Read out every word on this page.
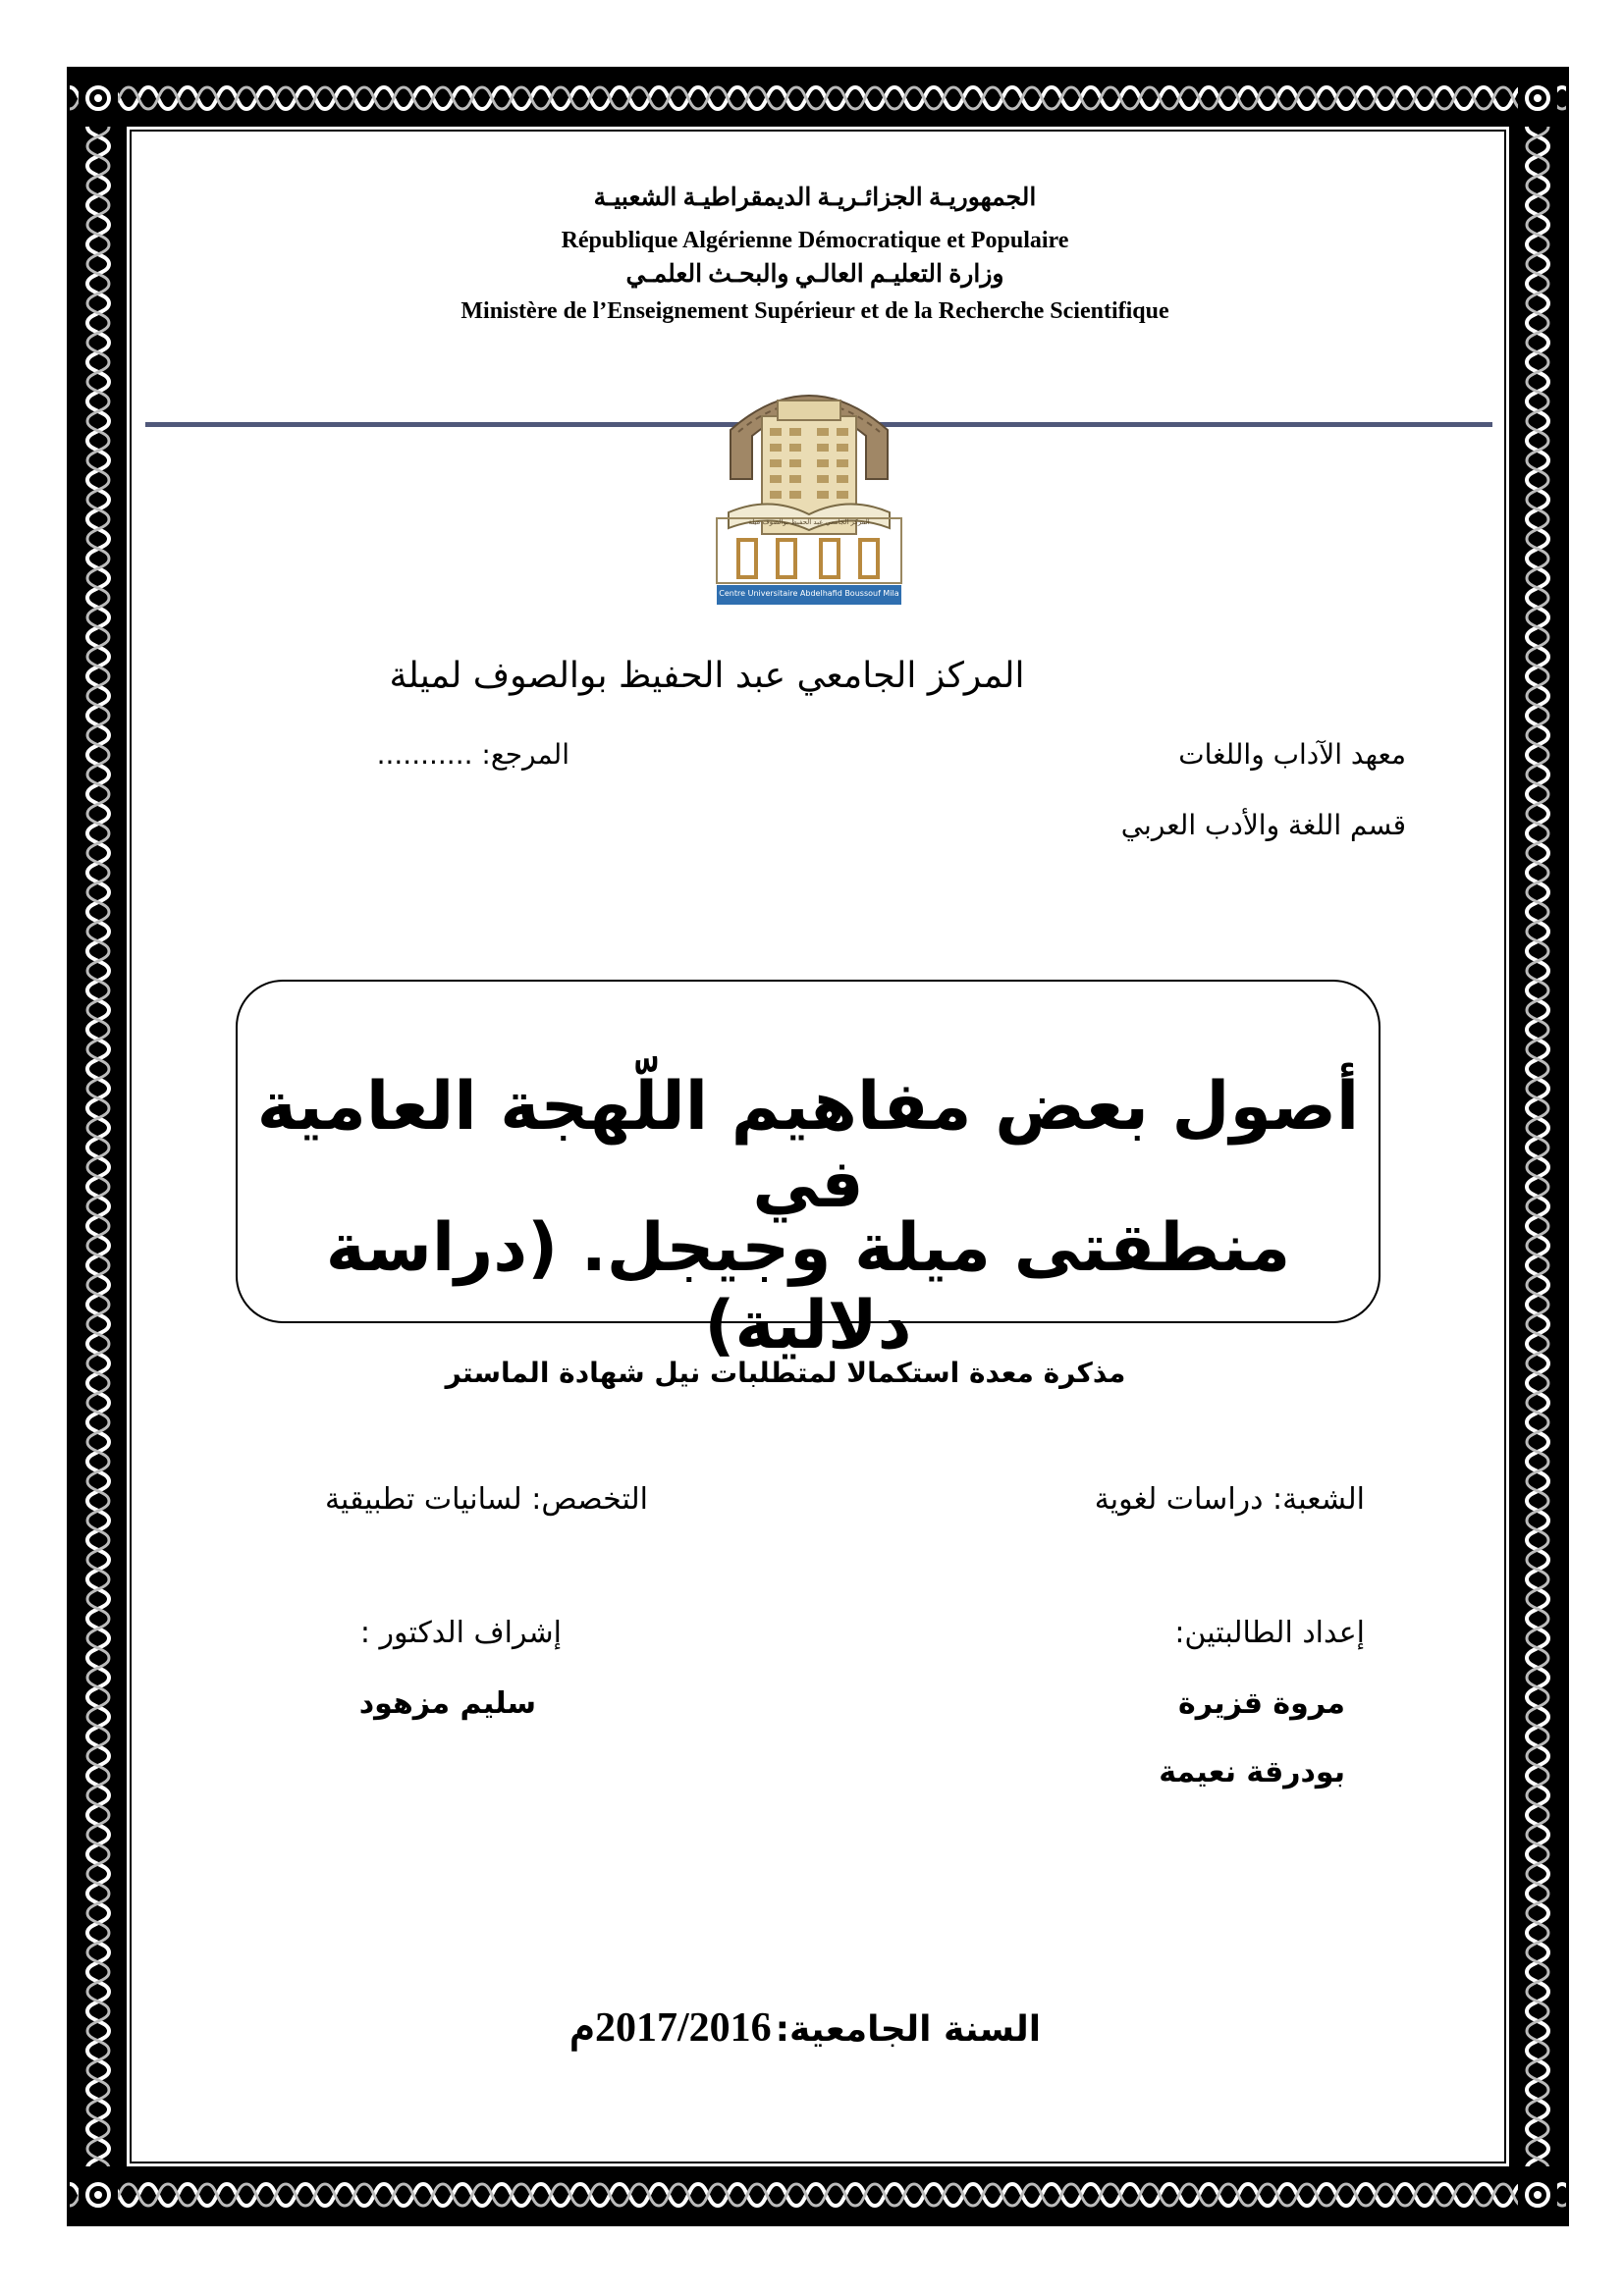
الجمهوريـة الجزائـريـة الديمقراطيـة الشعبيـة
République Algérienne Démocratique et Populaire
وزارة التعليـم العالـي والبحـث العلمـي
Ministère de l’Enseignement Supérieur et de la Recherche Scientifique
المركز الجامعي عبد الحفيظ بوالصوف ميلة
Centre Universitaire Abdelhafid Boussouf Mila
المركز الجامعي عبد الحفيظ بوالصوف لميلة
معهد الآداب واللغات
المرجع: ...........
قسم اللغة والأدب العربي
أصول بعض مفاهيم اللّهجة العامية في
منطقتى ميلة وجيجل. (دراسة دلالية)
مذكرة معدة استكمالا لمتطلبات نيل شهادة الماستر
الشعبة: دراسات لغوية
التخصص: لسانيات تطبيقية
إعداد الطالبتين:
إشراف الدكتور :
مروة قزيرة
سليم مزهود
بودرقة نعيمة
السنة الجامعية: 2017/2016م
